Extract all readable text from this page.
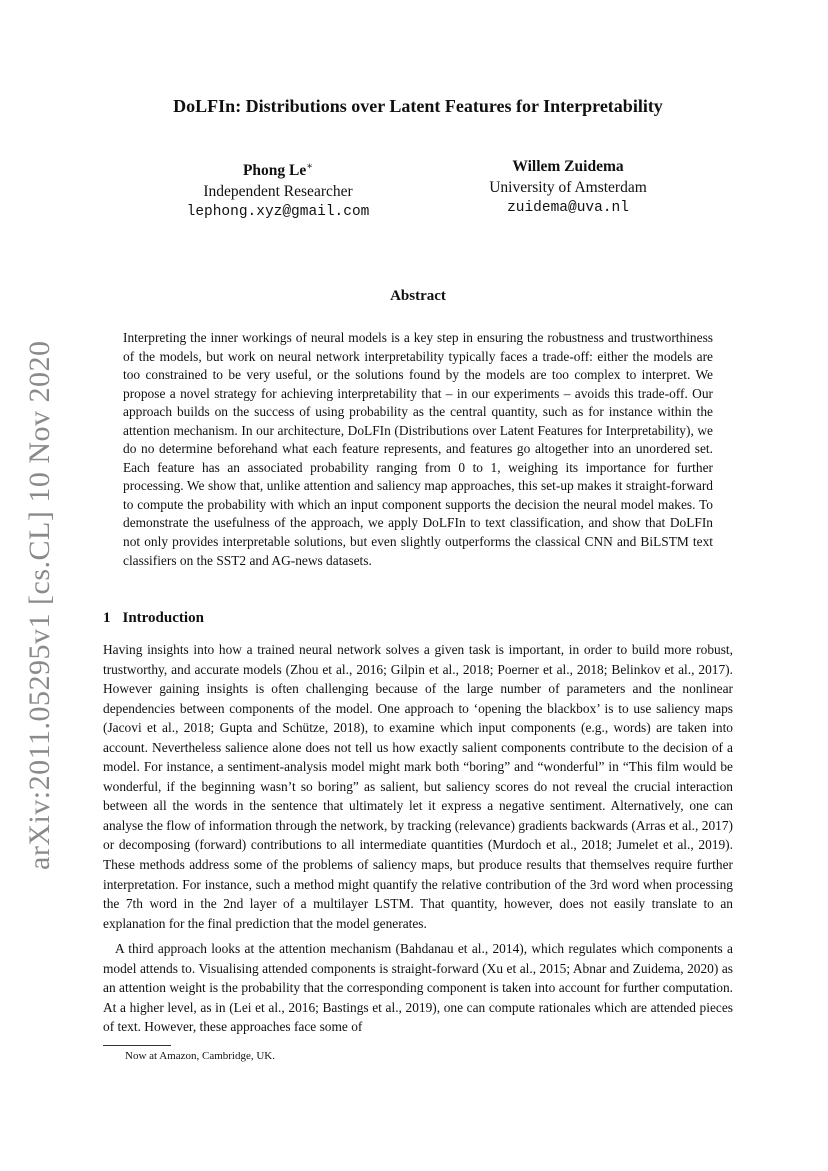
arXiv:2011.05295v1 [cs.CL] 10 Nov 2020
DoLFIn: Distributions over Latent Features for Interpretability
Phong Le∗
Independent Researcher
lephong.xyz@gmail.com
Willem Zuidema
University of Amsterdam
zuidema@uva.nl
Abstract

Interpreting the inner workings of neural models is a key step in ensuring the robustness and trustworthiness of the models, but work on neural network interpretability typically faces a trade-off: either the models are too constrained to be very useful, or the solutions found by the models are too complex to interpret. We propose a novel strategy for achieving interpretability that – in our experiments – avoids this trade-off. Our approach builds on the success of using probability as the central quantity, such as for instance within the attention mechanism. In our architecture, DoLFIn (Distributions over Latent Features for Interpretability), we do no determine beforehand what each feature represents, and features go altogether into an unordered set. Each feature has an associated probability ranging from 0 to 1, weighing its importance for further processing. We show that, unlike attention and saliency map approaches, this set-up makes it straight-forward to compute the probability with which an input component supports the decision the neural model makes. To demonstrate the usefulness of the approach, we apply DoLFIn to text classification, and show that DoLFIn not only provides interpretable solutions, but even slightly outperforms the classical CNN and BiLSTM text classifiers on the SST2 and AG-news datasets.

1 Introduction

Having insights into how a trained neural network solves a given task is important, in order to build more robust, trustworthy, and accurate models (Zhou et al., 2016; Gilpin et al., 2018; Poerner et al., 2018; Belinkov et al., 2017). However gaining insights is often challenging because of the large number of parameters and the nonlinear dependencies between components of the model. One approach to ‘opening the blackbox’ is to use saliency maps (Jacovi et al., 2018; Gupta and Schütze, 2018), to examine which input components (e.g., words) are taken into account. Nevertheless salience alone does not tell us how exactly salient components contribute to the decision of a model. For instance, a sentiment-analysis model might mark both “boring” and “wonderful” in “This film would be wonderful, if the beginning wasn’t so boring” as salient, but saliency scores do not reveal the crucial interaction between all the words in the sentence that ultimately let it express a negative sentiment. Alternatively, one can analyse the flow of information through the network, by tracking (relevance) gradients backwards (Arras et al., 2017) or decomposing (forward) contributions to all intermediate quantities (Murdoch et al., 2018; Jumelet et al., 2019). These methods address some of the problems of saliency maps, but produce results that themselves require further interpretation. For instance, such a method might quantify the relative contribution of the 3rd word when processing the 7th word in the 2nd layer of a multilayer LSTM. That quantity, however, does not easily translate to an explanation for the final prediction that the model generates.

A third approach looks at the attention mechanism (Bahdanau et al., 2014), which regulates which components a model attends to. Visualising attended components is straight-forward (Xu et al., 2015; Abnar and Zuidema, 2020) as an attention weight is the probability that the corresponding component is taken into account for further computation. At a higher level, as in (Lei et al., 2016; Bastings et al., 2019), one can compute rationales which are attended pieces of text. However, these approaches face some of

Now at Amazon, Cambridge, UK.
